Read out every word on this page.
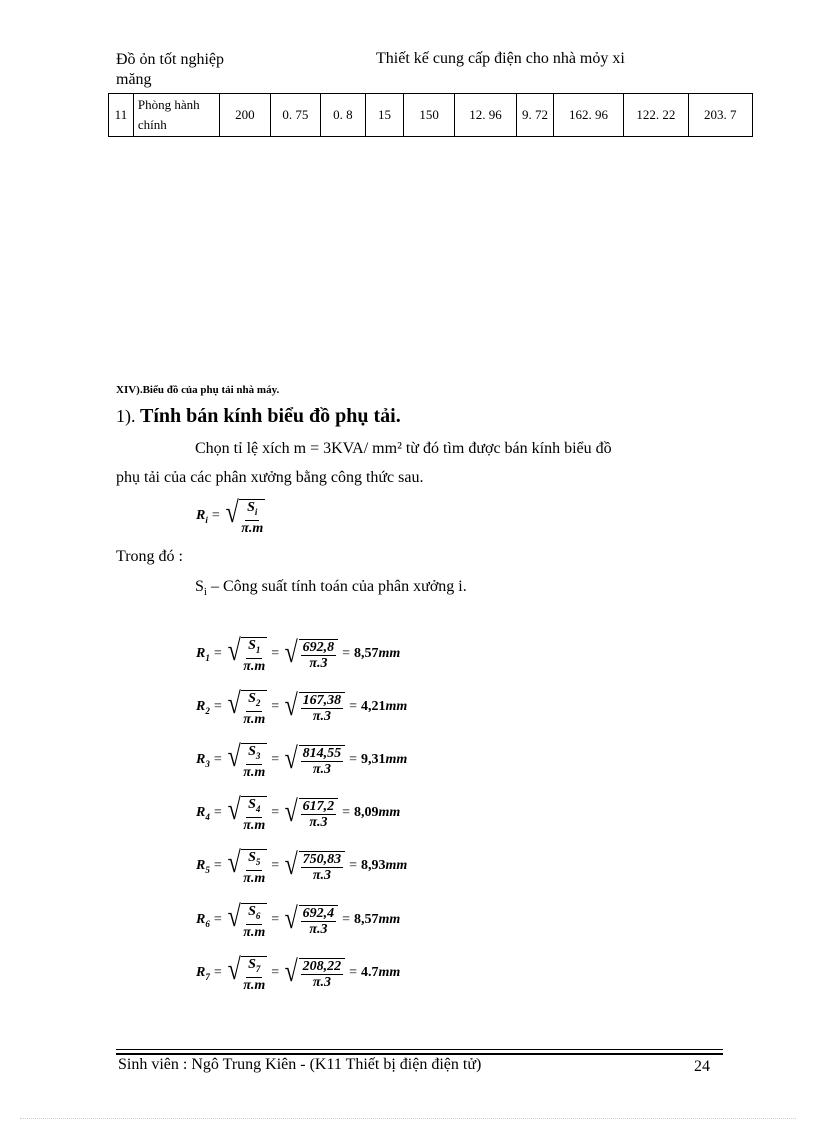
Đồ ỏn tốt nghiệp
măng
Thiết kế cung cấp điện cho nhà mỏy xi
11	Phòng hành chính	200	0. 75	0. 8	15	150	12. 96	9. 72	162. 96	122. 22	203. 7
XIV).Biểu đồ của phụ tải nhà máy.
1). Tính bán kính biểu đồ phụ tải.
Chọn tỉ lệ xích m = 3KVA/ mm² từ đó tìm được bán kính biểu đồ
phụ tải của các phân xưởng bằng công thức sau.
$R_i$ = √ $\frac{S_i}{\pi.m}$
Trong đó :
$S_i$ – Công suất tính toán của phân xưởng i.
$R_1$ = √ $\frac{S_1}{\pi.m}$ = √ $\frac{692,8}{\pi.3} = 8,57mm$
$R_2$ = √ $\frac{S_2}{\pi.m}$ = √ $\frac{167,38}{\pi.3} = 4,21mm$
$R_3$ = √ $\frac{S_3}{\pi.m}$ = √ $\frac{814,55}{\pi.3} = 9,31mm$
$R_4$ = √ $\frac{S_4}{\pi.m}$ = √ $\frac{617,2}{\pi.3} = 8,09mm$
$R_5$ = √ $\frac{S_5}{\pi.m}$ = √ $\frac{750,83}{\pi.3} = 8,93mm$
$R_6$ = √ $\frac{S_6}{\pi.m}$ = √ $\frac{692,4}{\pi.3} = 8,57mm$
$R_7$ = √ $\frac{S_7}{\pi.m}$ = √ $\frac{208,22}{\pi.3} = 4.7mm$
Sinh viên : Ngô Trung Kiên - (K11 Thiết bị điện điện tử)	24
